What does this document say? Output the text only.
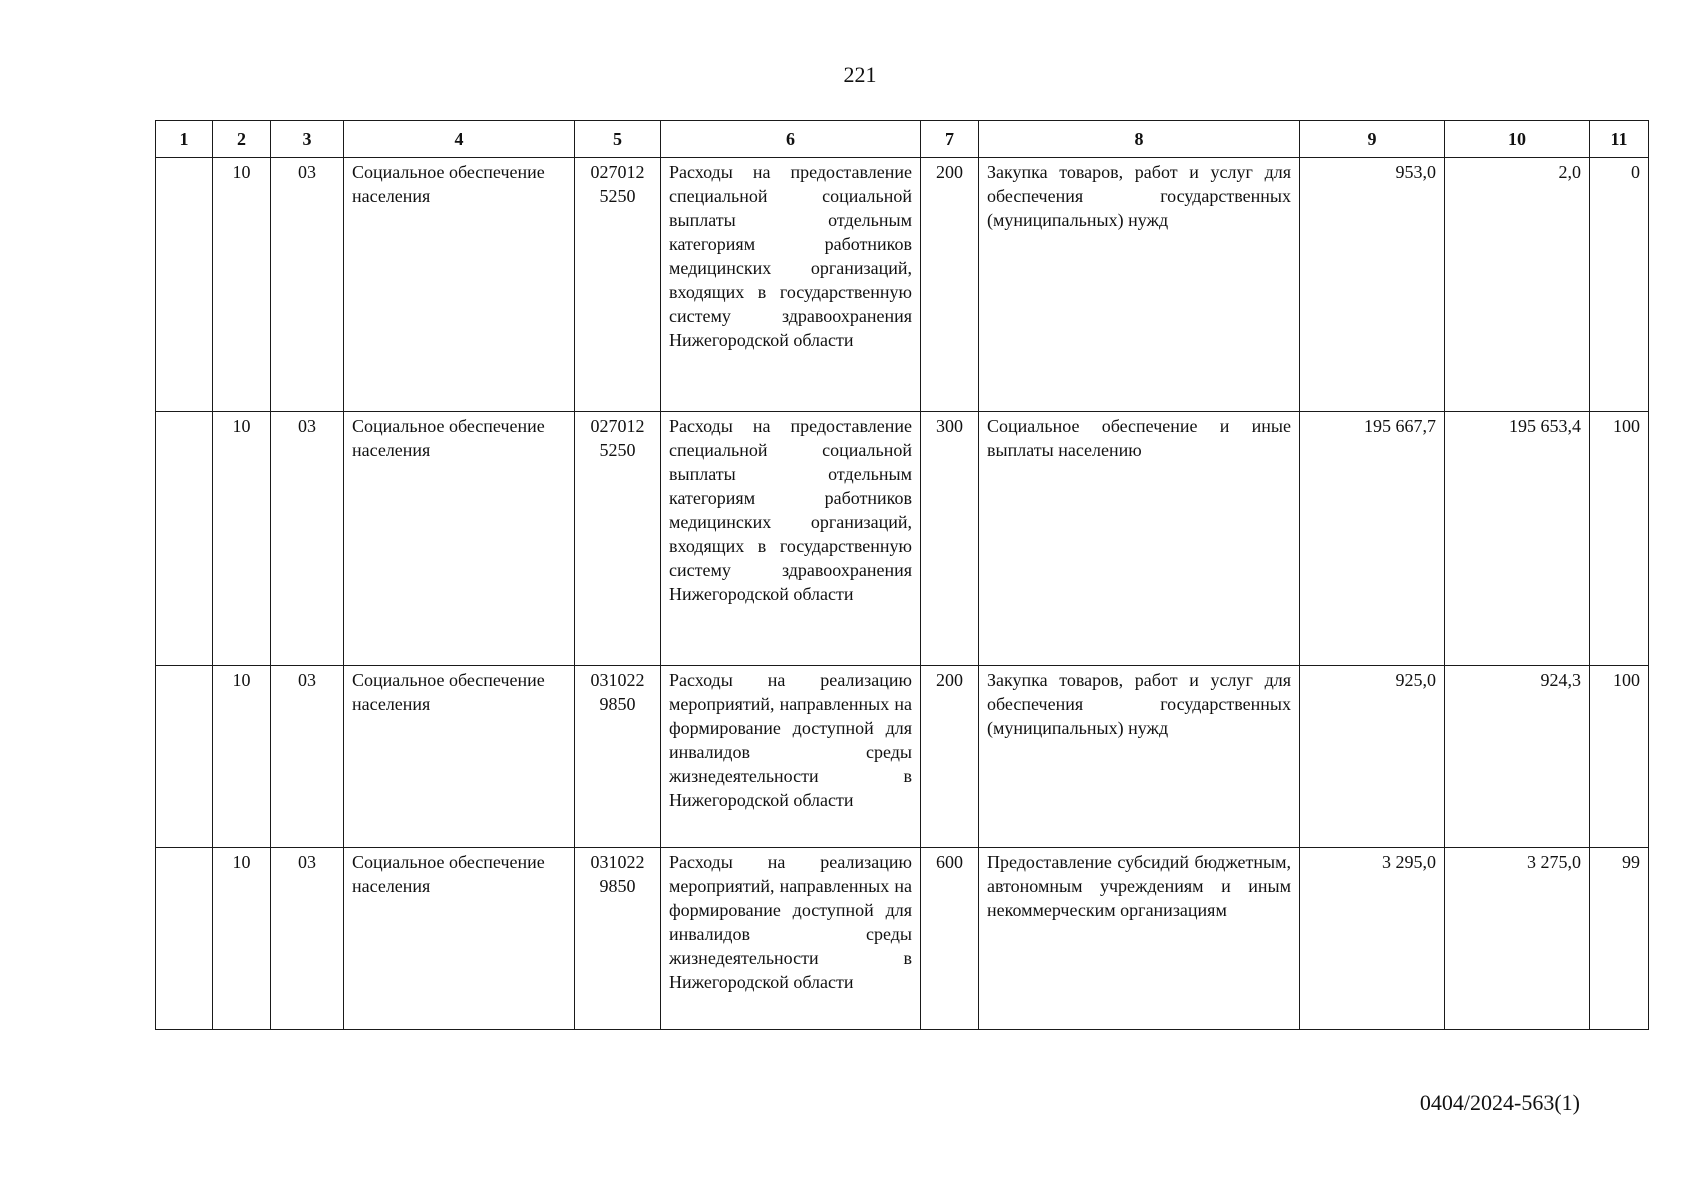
221
1	2	3	4	5	6	7	8	9	10	11
	10	03	Социальное обеспечение населения	027012 5250	Расходы на предоставление специальной социальной выплаты отдельным категориям работников медицинских организаций, входящих в государственную систему здравоохранения Нижегородской области	200	Закупка товаров, работ и услуг для обеспечения государственных (муниципальных) нужд	953,0	2,0	0
	10	03	Социальное обеспечение населения	027012 5250	Расходы на предоставление специальной социальной выплаты отдельным категориям работников медицинских организаций, входящих в государственную систему здравоохранения Нижегородской области	300	Социальное обеспечение и иные выплаты населению	195 667,7	195 653,4	100
	10	03	Социальное обеспечение населения	031022 9850	Расходы на реализацию мероприятий, направленных на формирование доступной для инвалидов среды жизнедеятельности в Нижегородской области	200	Закупка товаров, работ и услуг для обеспечения государственных (муниципальных) нужд	925,0	924,3	100
	10	03	Социальное обеспечение населения	031022 9850	Расходы на реализацию мероприятий, направленных на формирование доступной для инвалидов среды жизнедеятельности в Нижегородской области	600	Предоставление субсидий бюджетным, автономным учреждениям и иным некоммерческим организациям	3 295,0	3 275,0	99
0404/2024-563(1)
